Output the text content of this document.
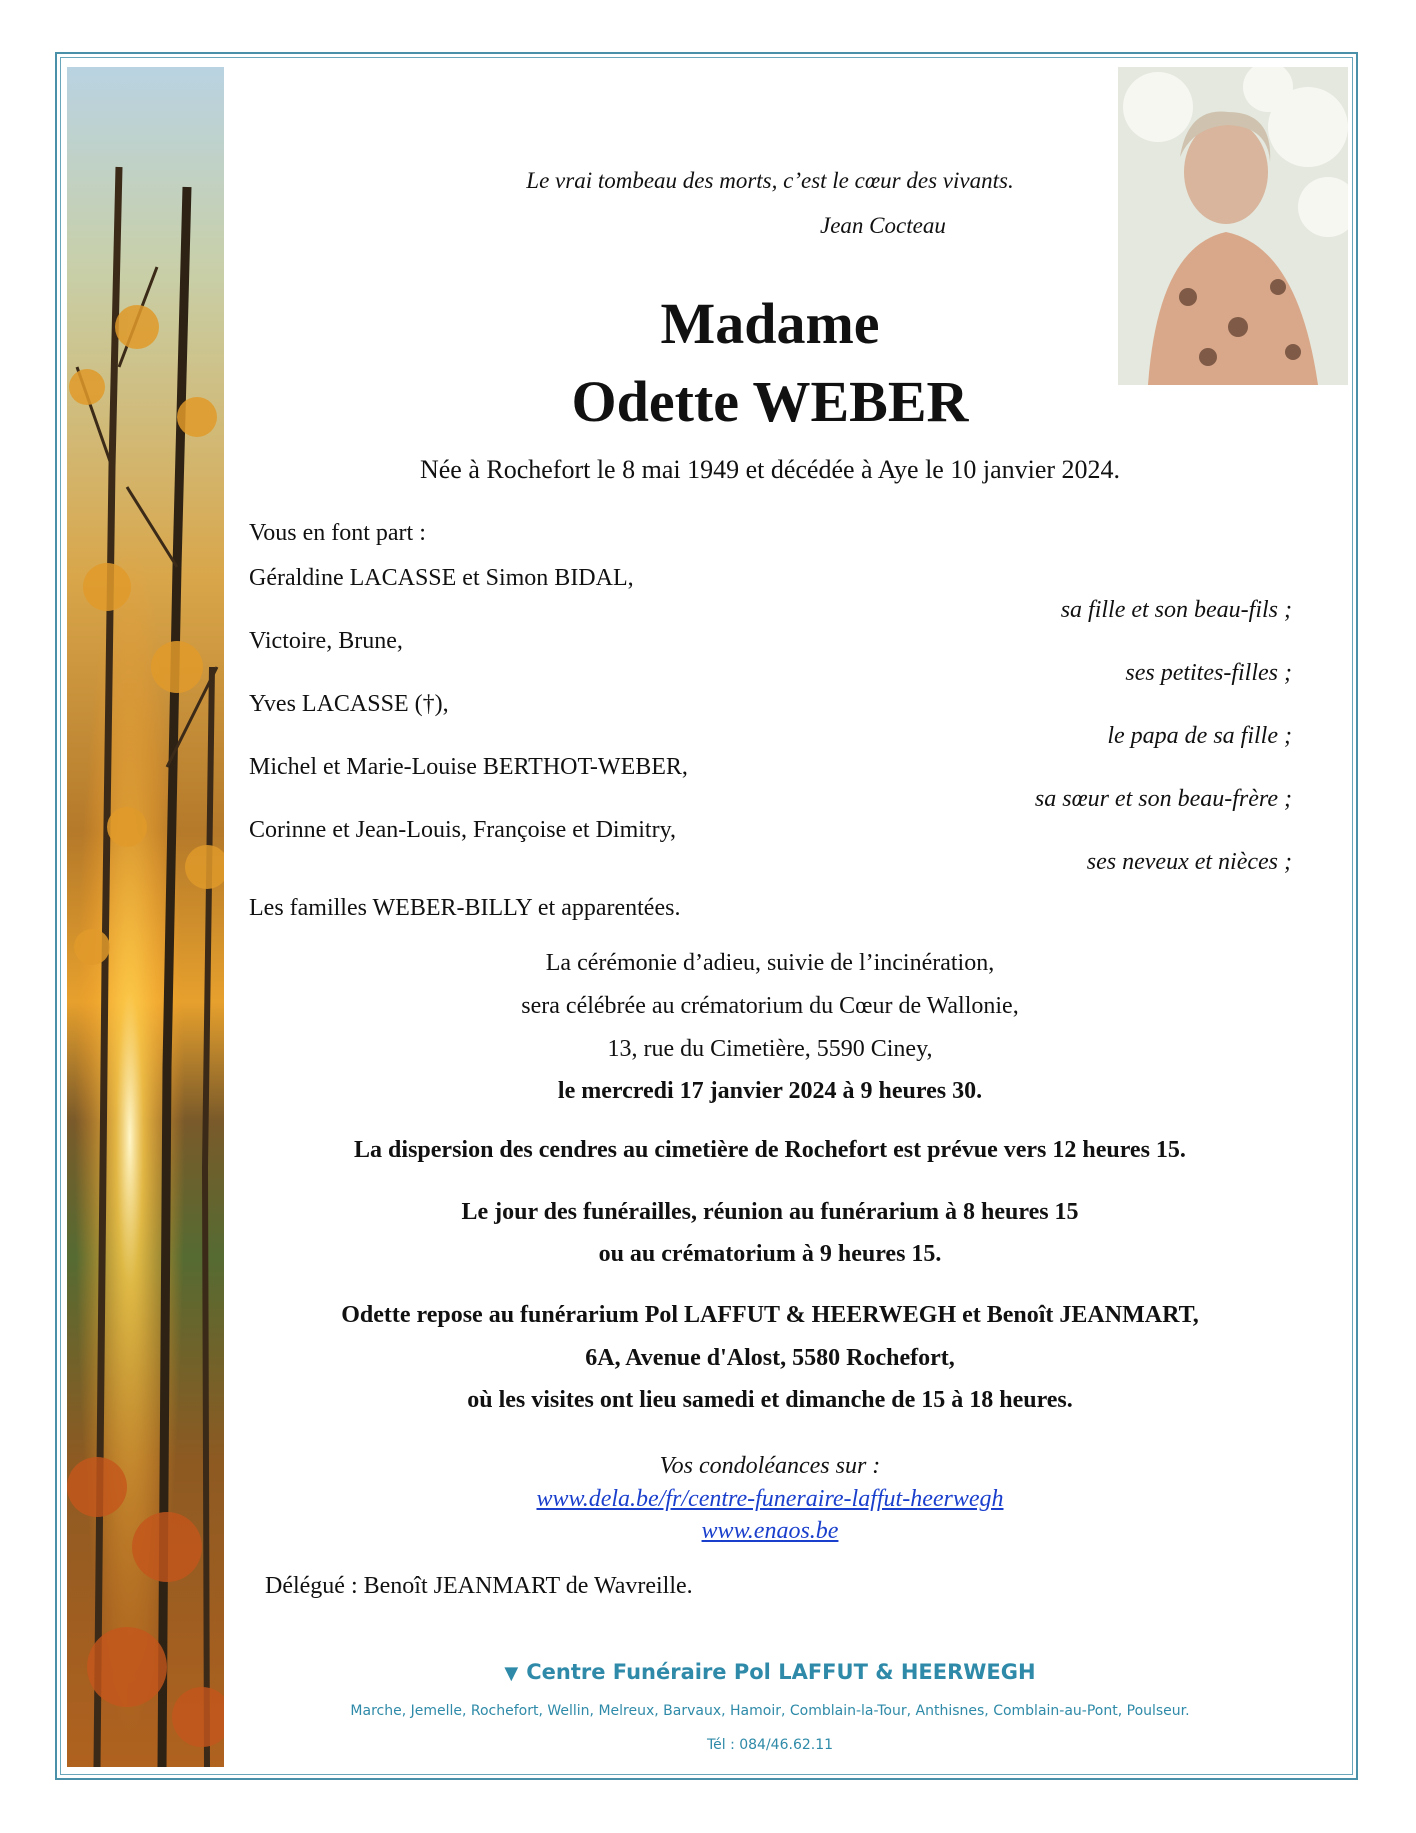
Le vrai tombeau des morts, c’est le cœur des vivants.
Jean Cocteau
Madame
Odette WEBER
Née à Rochefort le 8 mai 1949 et décédée à Aye le 10 janvier 2024.
Vous en font part :
Géraldine LACASSE et Simon BIDAL,
sa fille et son beau-fils ;
Victoire, Brune,
ses petites-filles ;
Yves LACASSE (†),
le papa de sa fille ;
Michel et Marie-Louise BERTHOT-WEBER,
sa sœur et son beau-frère ;
Corinne et Jean-Louis, Françoise et Dimitry,
ses neveux et nièces ;
Les familles WEBER-BILLY et apparentées.
La cérémonie d’adieu, suivie de l’incinération,
sera célébrée au crématorium du Cœur de Wallonie,
13, rue du Cimetière, 5590 Ciney,
le mercredi 17 janvier 2024 à 9 heures 30.
La dispersion des cendres au cimetière de Rochefort est prévue vers 12 heures 15.
Le jour des funérailles, réunion au funérarium à 8 heures 15
ou au crématorium à 9 heures 15.
Odette repose au funérarium Pol LAFFUT & HEERWEGH et Benoît JEANMART,
6A, Avenue d'Alost, 5580 Rochefort,
où les visites ont lieu samedi et dimanche de 15 à 18 heures.
Vos condoléances sur :
www.dela.be/fr/centre-funeraire-laffut-heerwegh
www.enaos.be
Délégué : Benoît JEANMART de Wavreille.
▼ Centre Funéraire Pol LAFFUT & HEERWEGH
Marche, Jemelle, Rochefort, Wellin, Melreux, Barvaux, Hamoir, Comblain-la-Tour, Anthisnes, Comblain-au-Pont, Poulseur.
Tél : 084/46.62.11
